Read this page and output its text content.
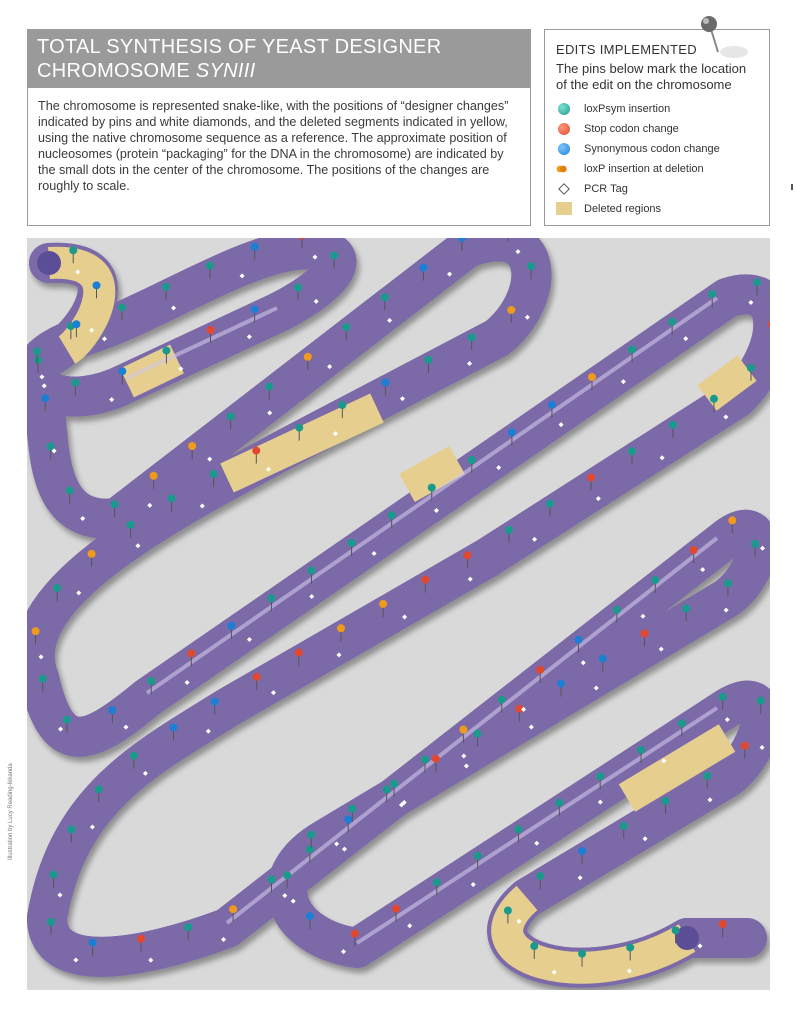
TOTAL SYNTHESIS OF YEAST DESIGNER
CHROMOSOME SYNIII
The chromosome is represented snake-like, with the positions of “designer changes” indicated by pins and white diamonds, and the deleted segments indicated in yellow, using the native chromosome sequence as a reference. The approximate position of nucleosomes (protein “packaging” for the DNA in the chromosome) are indicated by the small dots in the center of the chromosome. The positions of the changes are roughly to scale.
EDITS IMPLEMENTED
The pins below mark the location of the edit on the chromosome
loxPsym insertion
Stop codon change
Synonymous codon change
loxP insertion at deletion
PCR Tag
Deleted regions
Illustration by Lucy Reading-Ikkanda
